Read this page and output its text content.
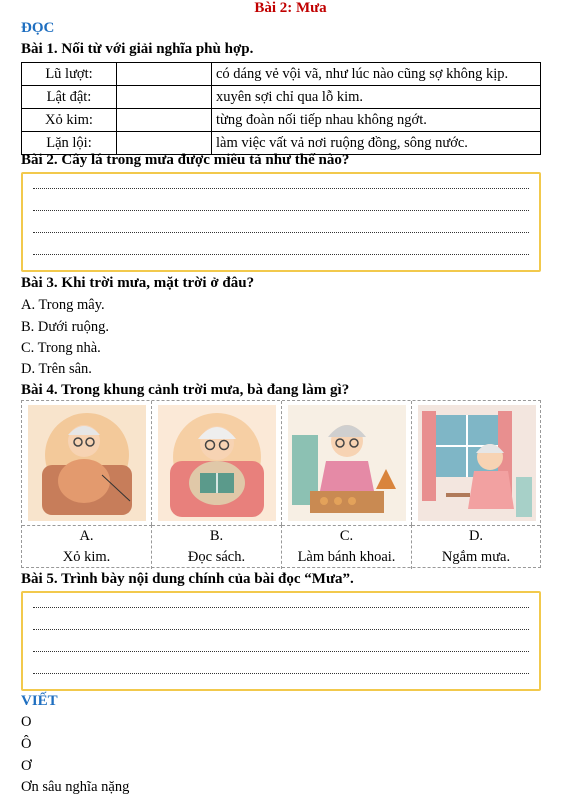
Bài 2: Mưa
ĐỌC
Bài 1. Nối từ với giải nghĩa phù hợp.
Lũ lượt:		có dáng vẻ vội vã, như lúc nào cũng sợ không kịp.
Lật đật:		xuyên sợi chỉ qua lỗ kim.
Xỏ kim:		từng đoàn nối tiếp nhau không ngớt.
Lặn lội:		làm việc vất vả nơi ruộng đồng, sông nước.
Bài 2. Cây lá trong mưa được miêu tả như thế nào?
Bài 3. Khi trời mưa, mặt trời ở đâu?
A. Trong mây.
B. Dưới ruộng.
C. Trong nhà.
D. Trên sân.
Bài 4. Trong khung cảnh trời mưa, bà đang làm gì?
A.
Xỏ kim.
B.
Đọc sách.
C.
Làm bánh khoai.
D.
Ngắm mưa.
Bài 5. Trình bày nội dung chính của bài đọc “Mưa”.
VIẾT
O
Ô
Ơ
Ơn sâu nghĩa nặng
